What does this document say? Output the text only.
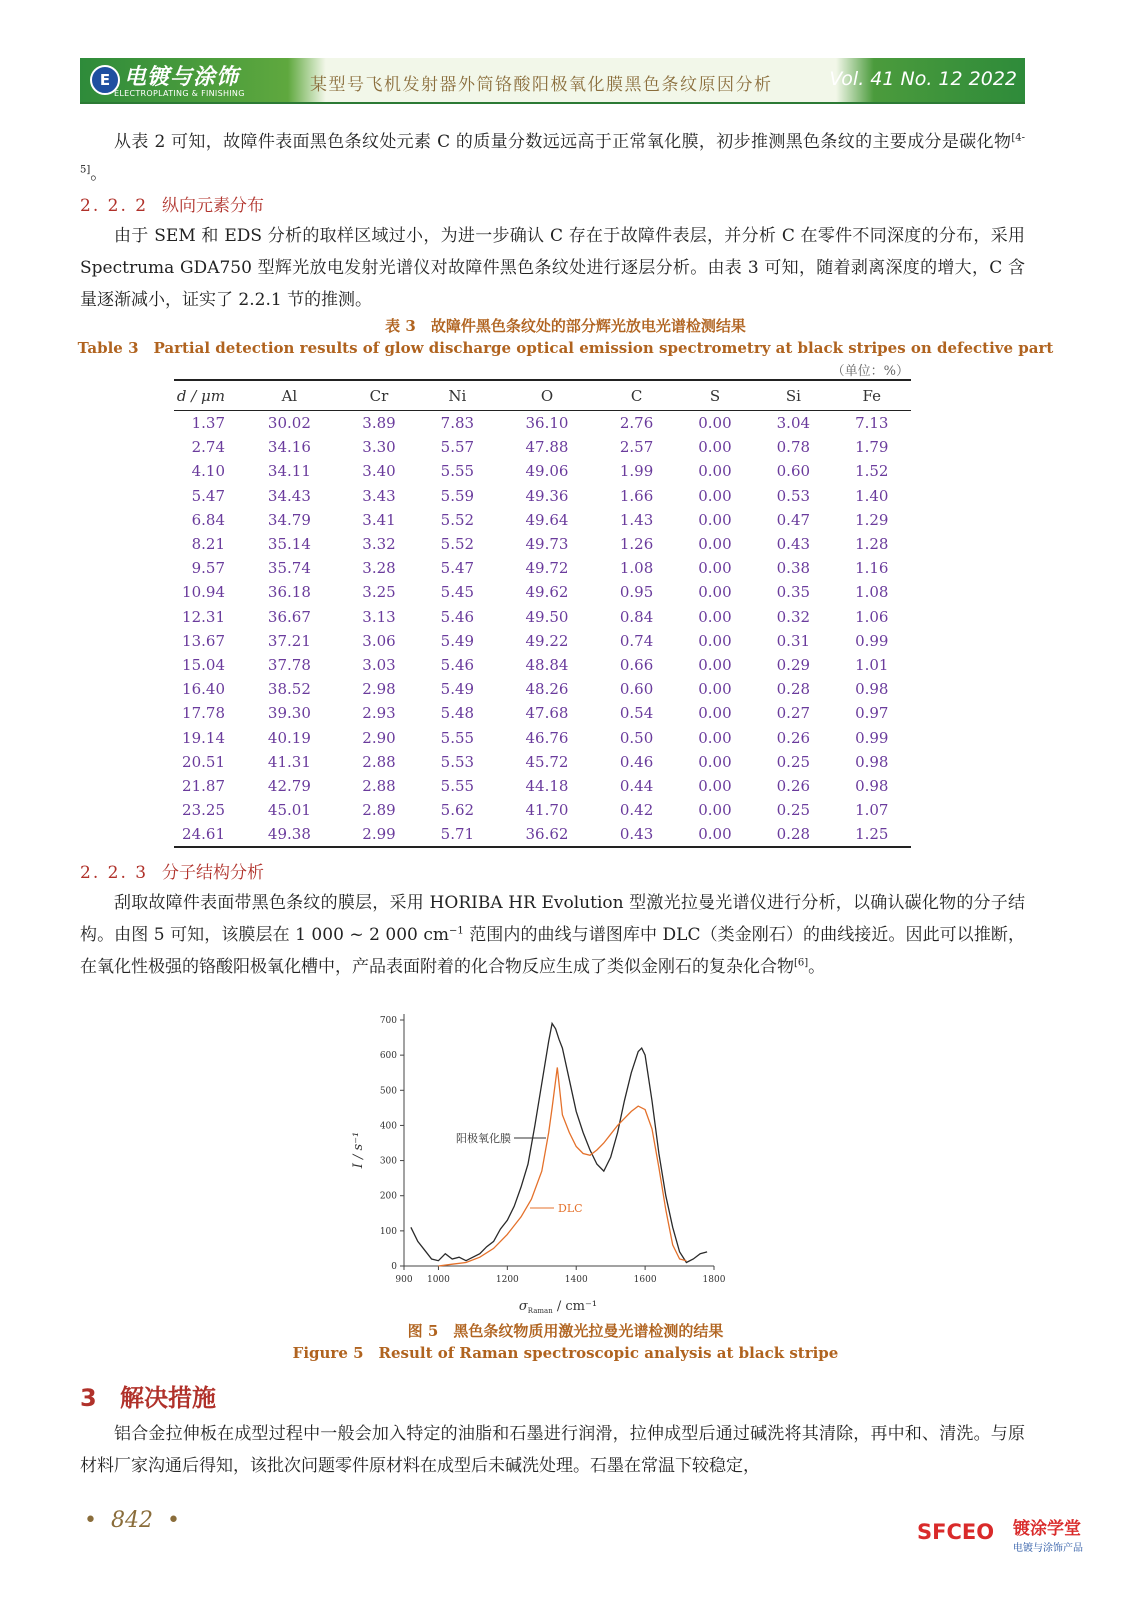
E 电镀与涂饰
ELECTROPLATING & FINISHING	某型号飞机发射器外筒铬酸阳极氧化膜黑色条纹原因分析	Vol. 41 No. 12 2022

从表 2 可知，故障件表面黑色条纹处元素 C 的质量分数远远高于正常氧化膜，初步推测黑色条纹的主要成分是碳化物[4-5]。

2. 2. 2 纵向元素分布

由于 SEM 和 EDS 分析的取样区域过小，为进一步确认 C 存在于故障件表层，并分析 C 在零件不同深度的分布，采用 Spectruma GDA750 型辉光放电发射光谱仪对故障件黑色条纹处进行逐层分析。由表 3 可知，随着剥离深度的增大，C 含量逐渐减小，证实了 2.2.1 节的推测。

表 3　故障件黑色条纹处的部分辉光放电光谱检测结果
Table 3　Partial detection results of glow discharge optical emission spectrometry at black stripes on defective part
（单位：%）
d / μm	Al	Cr	Ni	O	C	S	Si	Fe
1.37	30.02	3.89	7.83	36.10	2.76	0.00	3.04	7.13
2.74	34.16	3.30	5.57	47.88	2.57	0.00	0.78	1.79
4.10	34.11	3.40	5.55	49.06	1.99	0.00	0.60	1.52
5.47	34.43	3.43	5.59	49.36	1.66	0.00	0.53	1.40
6.84	34.79	3.41	5.52	49.64	1.43	0.00	0.47	1.29
8.21	35.14	3.32	5.52	49.73	1.26	0.00	0.43	1.28
9.57	35.74	3.28	5.47	49.72	1.08	0.00	0.38	1.16
10.94	36.18	3.25	5.45	49.62	0.95	0.00	0.35	1.08
12.31	36.67	3.13	5.46	49.50	0.84	0.00	0.32	1.06
13.67	37.21	3.06	5.49	49.22	0.74	0.00	0.31	0.99
15.04	37.78	3.03	5.46	48.84	0.66	0.00	0.29	1.01
16.40	38.52	2.98	5.49	48.26	0.60	0.00	0.28	0.98
17.78	39.30	2.93	5.48	47.68	0.54	0.00	0.27	0.97
19.14	40.19	2.90	5.55	46.76	0.50	0.00	0.26	0.99
20.51	41.31	2.88	5.53	45.72	0.46	0.00	0.25	0.98
21.87	42.79	2.88	5.55	44.18	0.44	0.00	0.26	0.98
23.25	45.01	2.89	5.62	41.70	0.42	0.00	0.25	1.07
24.61	49.38	2.99	5.71	36.62	0.43	0.00	0.28	1.25
2. 2. 3 分子结构分析

刮取故障件表面带黑色条纹的膜层，采用 HORIBA HR Evolution 型激光拉曼光谱仪进行分析，以确认碳化物的分子结构。由图 5 可知，该膜层在 1 000 ~ 2 000 $cm^{-1}$ 范围内的曲线与谱图库中 DLC（类金刚石）的曲线接近。因此可以推断，在氧化性极强的铬酸阳极氧化槽中，产品表面附着的化合物反应生成了类似金刚石的复杂化合物[6]。

0
100
200
300
400
500
600
700
900 1000	1200	1400	1600	1800
I / s⁻¹
$\sigma_{Raman} / cm^{-1}$
阳极氧化膜
DLC
图 5　黑色条纹物质用激光拉曼光谱检测的结果
Figure 5　Result of Raman spectroscopic analysis at black stripe
3 解决措施

铝合金拉伸板在成型过程中一般会加入特定的油脂和石墨进行润滑，拉伸成型后通过碱洗将其清除，再中和、清洗。与原材料厂家沟通后得知，该批次问题零件原材料在成型后未碱洗处理。石墨在常温下较稳定，

•  842  •	SFCEO 镀涂学堂
电镀与涂饰产品
